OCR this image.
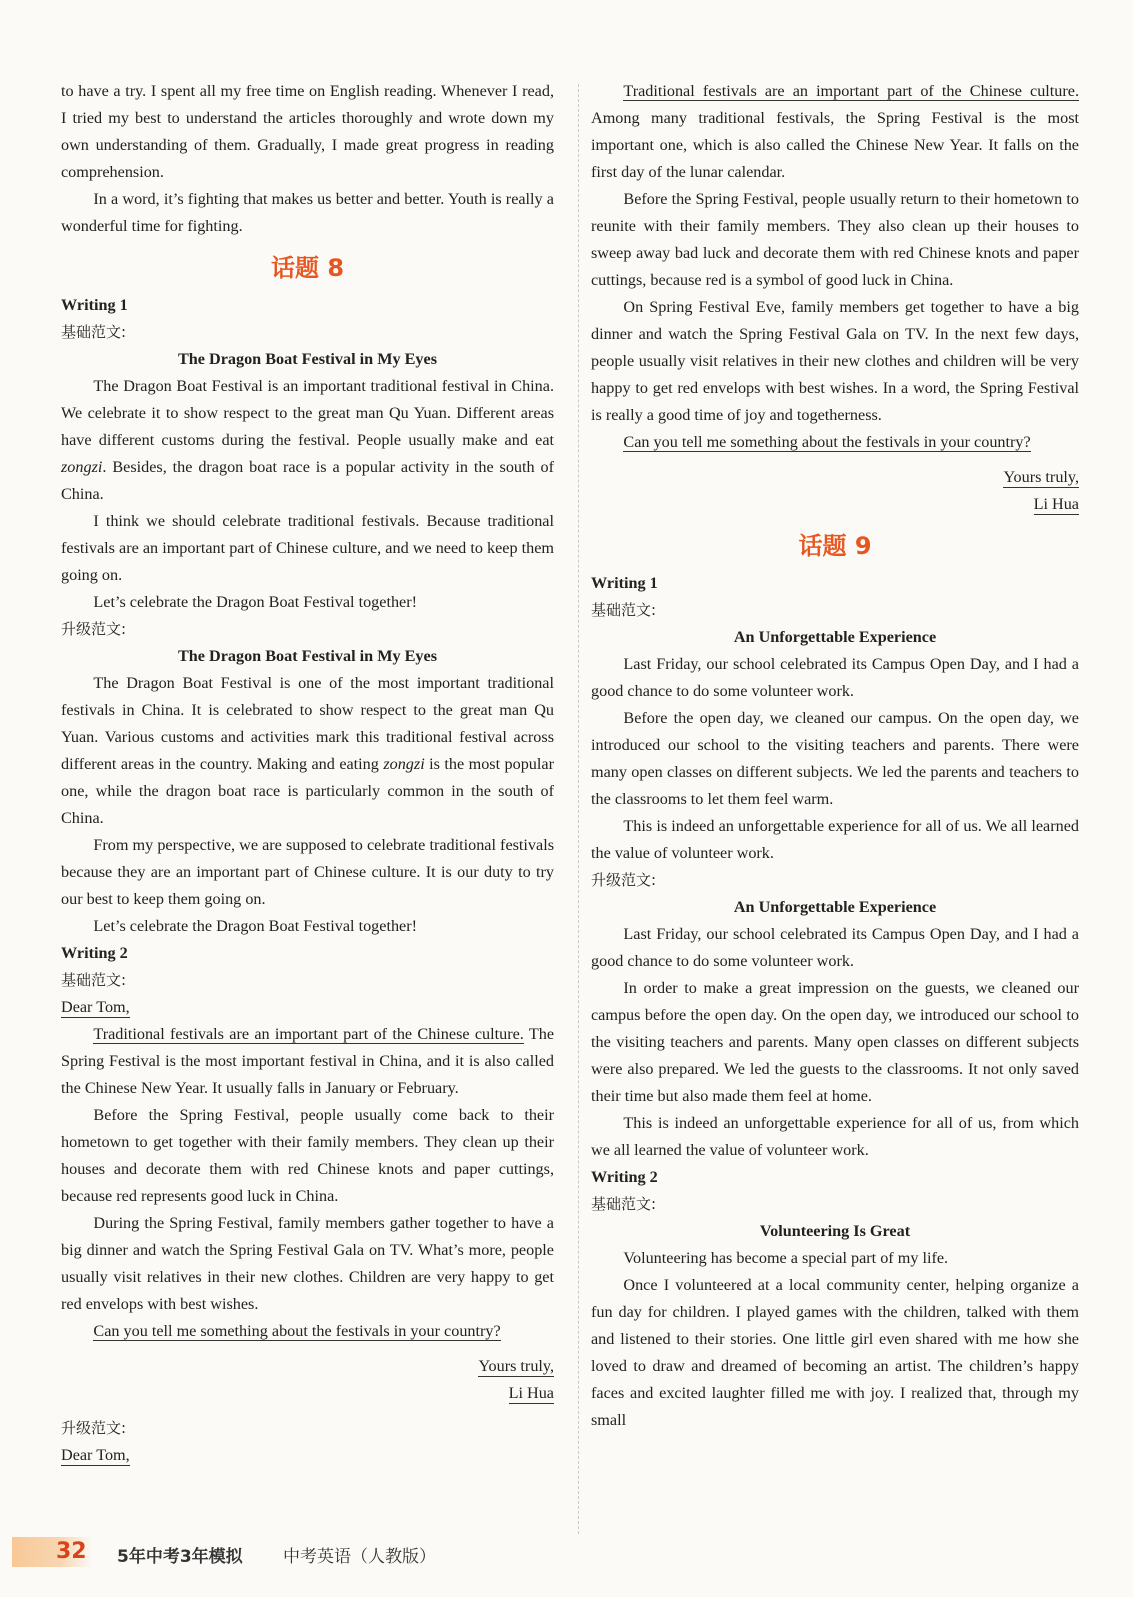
to have a try. I spent all my free time on English reading. Whenever I read, I tried my best to understand the articles thoroughly and wrote down my own understanding of them. Gradually, I made great progress in reading comprehension.

In a word, it’s fighting that makes us better and better. Youth is really a wonderful time for fighting.

话题 8

Writing 1

基础范文:

The Dragon Boat Festival in My Eyes

The Dragon Boat Festival is an important traditional festival in China. We celebrate it to show respect to the great man Qu Yuan. Different areas have different customs during the festival. People usually make and eat zongzi. Besides, the dragon boat race is a popular activity in the south of China.

I think we should celebrate traditional festivals. Because traditional festivals are an important part of Chinese culture, and we need to keep them going on.

Let’s celebrate the Dragon Boat Festival together!

升级范文:

The Dragon Boat Festival in My Eyes

The Dragon Boat Festival is one of the most important traditional festivals in China. It is celebrated to show respect to the great man Qu Yuan. Various customs and activities mark this traditional festival across different areas in the country. Making and eating zongzi is the most popular one, while the dragon boat race is particularly common in the south of China.

From my perspective, we are supposed to celebrate traditional festivals because they are an important part of Chinese culture. It is our duty to try our best to keep them going on.

Let’s celebrate the Dragon Boat Festival together!

Writing 2

基础范文:

Dear Tom,

Traditional festivals are an important part of the Chinese culture. The Spring Festival is the most important festival in China, and it is also called the Chinese New Year. It usually falls in January or February.

Before the Spring Festival, people usually come back to their hometown to get together with their family members. They clean up their houses and decorate them with red Chinese knots and paper cuttings, because red represents good luck in China.

During the Spring Festival, family members gather together to have a big dinner and watch the Spring Festival Gala on TV. What’s more, people usually visit relatives in their new clothes. Children are very happy to get red envelops with best wishes.

Can you tell me something about the festivals in your country?

Yours truly,

Li Hua

升级范文:

Dear Tom,

Traditional festivals are an important part of the Chinese culture. Among many traditional festivals, the Spring Festival is the most important one, which is also called the Chinese New Year. It falls on the first day of the lunar calendar.

Before the Spring Festival, people usually return to their hometown to reunite with their family members. They also clean up their houses to sweep away bad luck and decorate them with red Chinese knots and paper cuttings, because red is a symbol of good luck in China.

On Spring Festival Eve, family members get together to have a big dinner and watch the Spring Festival Gala on TV. In the next few days, people usually visit relatives in their new clothes and children will be very happy to get red envelops with best wishes. In a word, the Spring Festival is really a good time of joy and togetherness.

Can you tell me something about the festivals in your country?

Yours truly,

Li Hua

话题 9

Writing 1

基础范文:

An Unforgettable Experience

Last Friday, our school celebrated its Campus Open Day, and I had a good chance to do some volunteer work.

Before the open day, we cleaned our campus. On the open day, we introduced our school to the visiting teachers and parents. There were many open classes on different subjects. We led the parents and teachers to the classrooms to let them feel warm.

This is indeed an unforgettable experience for all of us. We all learned the value of volunteer work.

升级范文:

An Unforgettable Experience

Last Friday, our school celebrated its Campus Open Day, and I had a good chance to do some volunteer work.

In order to make a great impression on the guests, we cleaned our campus before the open day. On the open day, we introduced our school to the visiting teachers and parents. Many open classes on different subjects were also prepared. We led the guests to the classrooms. It not only saved their time but also made them feel at home.

This is indeed an unforgettable experience for all of us, from which we all learned the value of volunteer work.

Writing 2

基础范文:

Volunteering Is Great

Volunteering has become a special part of my life.

Once I volunteered at a local community center, helping organize a fun day for children. I played games with the children, talked with them and listened to their stories. One little girl even shared with me how she loved to draw and dreamed of becoming an artist. The children’s happy faces and excited laughter filled me with joy. I realized that, through my small

32	5年中考3年模拟 中考英语（人教版）
